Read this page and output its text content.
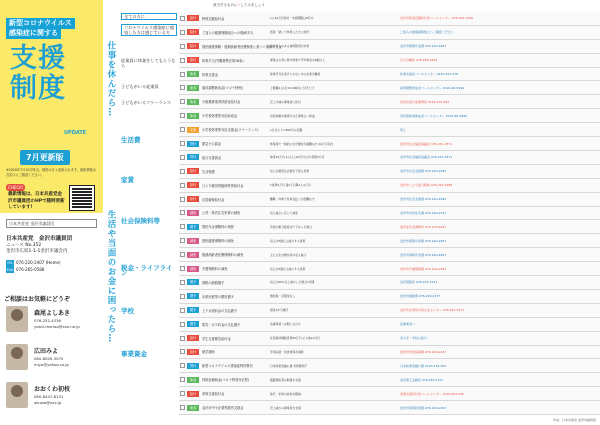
新型コロナウイルス
感染症に関する
支援制度
UPDATE
7月更新版
※2020年7月10日時点。制度は日々更新されます。最新情報は各窓口にご確認ください。
CHECK!
最新情報は、日本共産党金沢市議員団のHPで随時更新しています!
日本共産党 金沢市議員団
日本共産党　金沢市議員団
ニュース No.352
金沢市広坂1-1-1金沢市議会内
TEL 076-220-2407 (Home)
FAX 076-265-0588
ご相談はお気軽にどうぞ
森尾よしあき
076-252-4336
yoshi-morioo@xxx.ne.jp
広田みよ
080-8000-3075
miyo@yahoo.co.jp
おおくわ初枝
080-8447-8131
okuwa@xxx.jp
該当するものに✓してみましょう
仕事を休んだら…
生活や当面のお金に困ったら…
全ての方に
コロナウイルス感染症に感染した方は感じている方
従業員に休業をしてもらうなら
子どもがいる従業員
子どもがいるフリーランス
生活費
家賃
社会保険料等
税金・ライフライン
学校
事業資金
給付	特別定額給付金	1人10万円給付・申請期限は8月中	金沢市特別定額給付金コールセンター 076-220-2450
給付	ご加入の健康保険組合への傷病手当	感染・疑いで休業した方に給付	ご加入の健康保険組合へご確認ください
給付	国民健康保険・後期高齢者医療制度に基づく傷病手当金
給与収入のある被保険者が対象	金沢市保険年金課 076-220-2267
給付	休業手当(労働基準法第26条)	事業主の責に帰す休業で平均賃金の6割以上	石川労働局 076-265-4423
助成	休業支援金	休業手当を受けられない中小企業労働者	休業支援金コールセンター 0120-221-276
助成	雇用調整助成金(コロナ特例)	上限額1人1日15,000円に引き上げ	雇用調整助成金コールセンター 0120-60-3999
助成	小規模事業者持続化給付金	売上半減の事業者に給付	持続化給付金事務局 0120-279-292
助成	小学校休業等対応助成金	有給休暇を取得させた事業主へ助成	学校等休業助成金コールセンター 0120-60-3999
支援	小学校休業等対応支援金(フリーランス)	1日あたり7,500円の定額	同上
貸付	緊急小口資金	休業等で一時的に生計維持が困難な方 20万円以内	金沢市社会福祉協議会 076-231-3571
貸付	総合支援資金	単身15万円 2人以上20万円以内 原則3か月	金沢市社会福祉協議会 076-231-3571
給付	生活保護	収入が最低生活費を下回る世帯	金沢市生活支援課 076-220-2282
給付	ひとり親世帯臨時特別給付金	1世帯5万円 第2子以降1人3万円	金沢市こども総合相談 076-220-2288
給付	住居確保給付金	離職・休業で家賃支払いが困難な方	金沢市生活支援課 076-220-2282
減免	公営・県営住宅家賃の減免	収入減少に応じて減免	金沢市市営住宅課 076-220-2331
猶予	国民年金保険料の免除	所得が相当程度まで下がった場合	金沢北年金事務所 076-233-2021
減免	国民健康保険料の減免	収入が3割以上減少する世帯	金沢市保険年金課 076-220-2267
減免	後期高齢者医療保険料の減免	主たる生計維持者の収入減少	金沢市保険年金課 076-220-2267
減免	介護保険料の減免	収入が3割以上減少する世帯	金沢市介護保険課 076-220-2264
猶予	国税の納税猶予	収入が20%以上減少した場合1年間	金沢国税局 076-231-2131
猶予	市県民税等の徴収猶予	無担保・延滞金なし	金沢市納税課 076-220-2177
猶予	上下水道料金の支払猶予	最長4か月猶予	金沢市企業局お客さまセンター 076-220-2577
猶予	電気・ガス料金の支払猶予	各事業者へお問い合わせ	各事業者へ
給付	学生支援緊急給付金	住民税非課税世帯20万円 その他10万円	各大学・学校の窓口
給付	就学援助	学用品費・給食費等を援助	金沢市学校指導課 076-220-2447
貸付	新型コロナウイルス感染症特別貸付	日本政策金融公庫 実質無利子	日本政策金融公庫 0120-154-505
助成	持続化補助金(コロナ特別対応型)	販路開拓等の取組を支援	金沢商工会議所 076-263-1151
給付	家賃支援給付金	地代・家賃の負担を軽減	家賃支援給付金コールセンター 0120-653-930
助成	金沢市中小企業等経営支援金	売上減少の事業者を支援	金沢市経済政策課 076-220-2203
作成：日本共産党 金沢市議員団
